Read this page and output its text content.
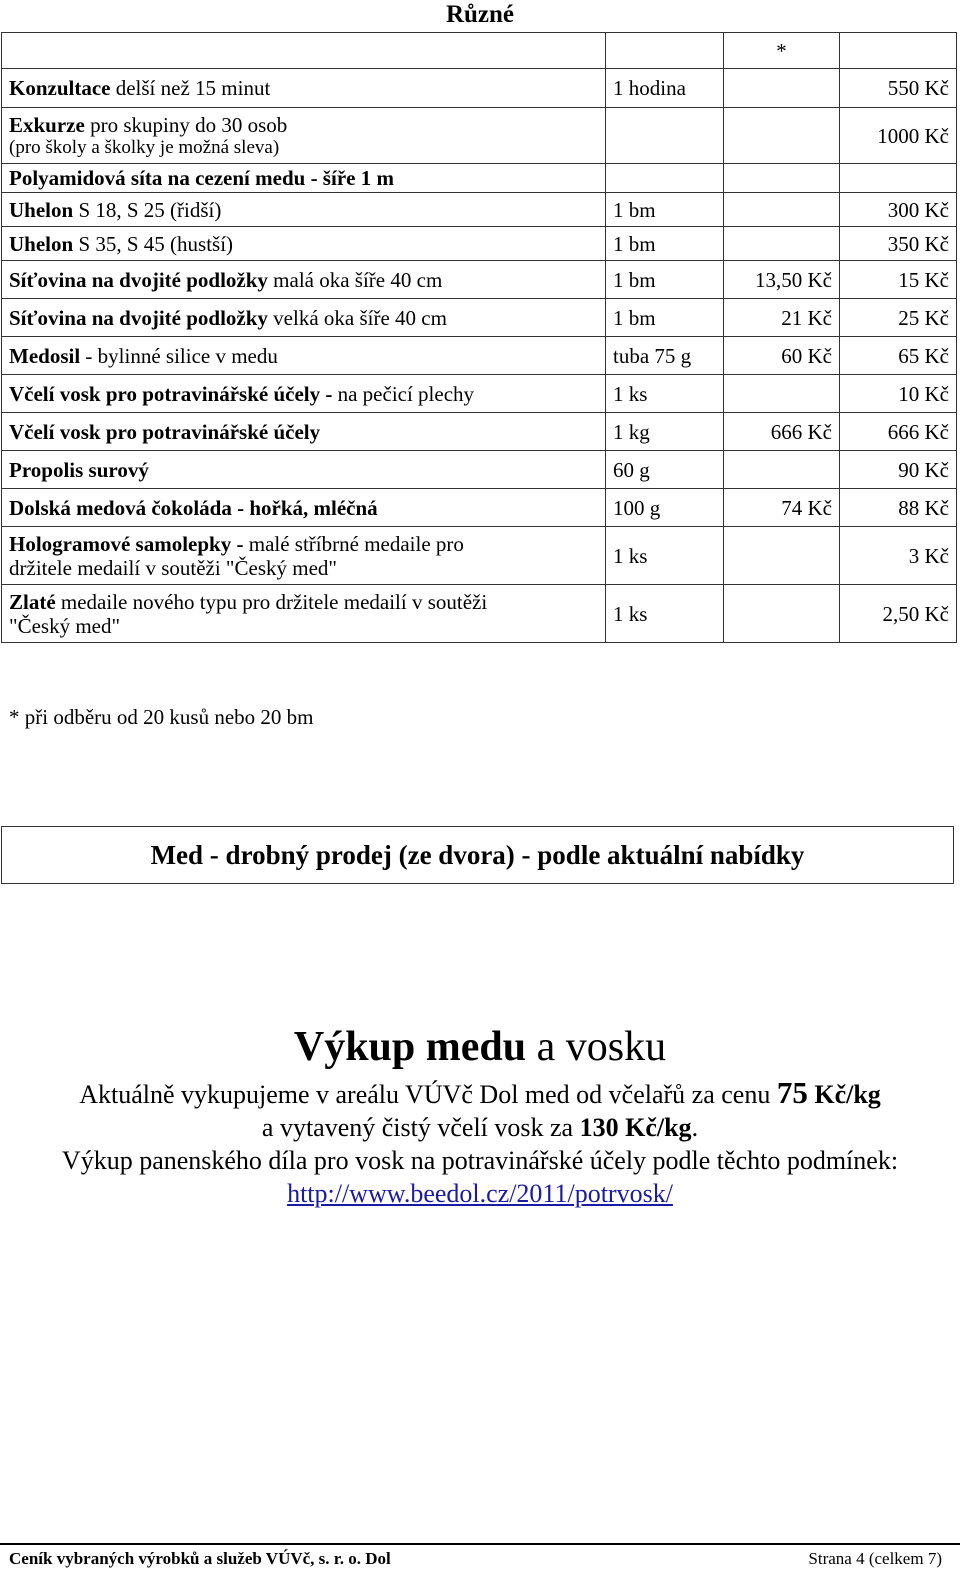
Různé
		*	
Konzultace delší než 15 minut	1 hodina		550 Kč
Exkurze pro skupiny do 30 osob
(pro školy a školky je možná sleva)			1000 Kč
Polyamidová síta na cezení medu - šíře 1 m			
Uhelon S 18, S 25 (řidší)	1 bm		300 Kč
Uhelon S 35, S 45 (hustší)	1 bm		350 Kč
Síťovina na dvojité podložky malá oka šíře 40 cm	1 bm	13,50 Kč	15 Kč
Síťovina na dvojité podložky velká oka šíře 40 cm	1 bm	21 Kč	25 Kč
Medosil - bylinné silice v medu	tuba 75 g	60 Kč	65 Kč
Včelí vosk pro potravinářské účely - na pečicí plechy	1 ks		10 Kč
Včelí vosk pro potravinářské účely	1 kg	666 Kč	666 Kč
Propolis surový	60 g		90 Kč
Dolská medová čokoláda - hořká, mléčná	100 g	74 Kč	88 Kč
Hologramové samolepky - malé stříbrné medaile pro
držitele medailí v soutěži "Český med"	1 ks		3 Kč
Zlaté medaile nového typu pro držitele medailí v soutěži
"Český med"	1 ks		2,50 Kč
* při odběru od 20 kusů nebo 20 bm
Med - drobný prodej (ze dvora) - podle aktuální nabídky
Výkup medu a vosku
Aktuálně vykupujeme v areálu VÚVč Dol med od včelařů za cenu 75 Kč/kg
a vytavený čistý včelí vosk za 130 Kč/kg.
Výkup panenského díla pro vosk na potravinářské účely podle těchto podmínek:
http://www.beedol.cz/2011/potrvosk/
Ceník vybraných výrobků a služeb VÚVč, s. r. o. Dol	Strana 4 (celkem 7)
